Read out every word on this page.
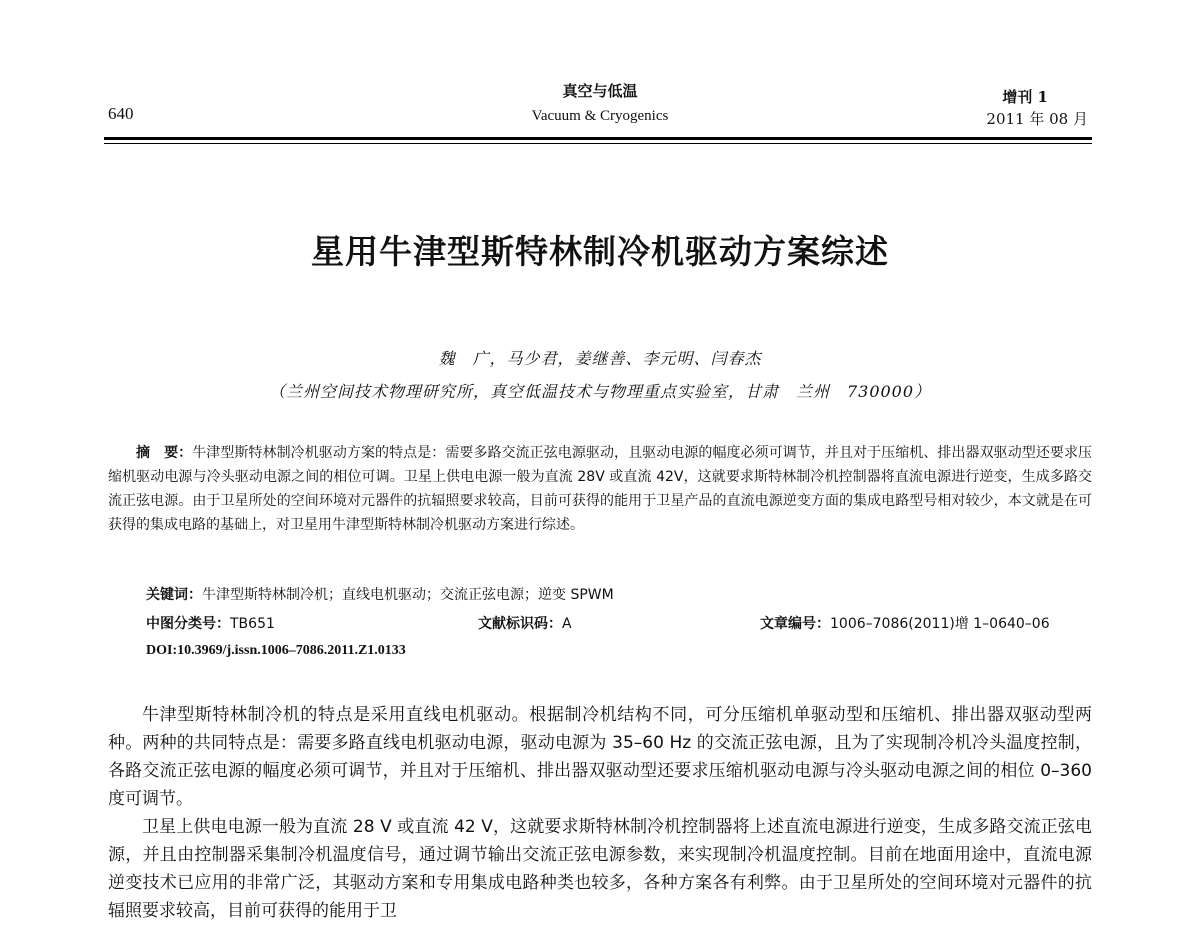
640
真空与低温
Vacuum & Cryogenics
增刊 1
2011 年 08 月
星用牛津型斯特林制冷机驱动方案综述
魏　广，马少君，姜继善、李元明、闫春杰
（兰州空间技术物理研究所，真空低温技术与物理重点实验室，甘肃　兰州　730000）

摘　要：牛津型斯特林制冷机驱动方案的特点是：需要多路交流正弦电源驱动，且驱动电源的幅度必须可调节，并且对于压缩机、排出器双驱动型还要求压缩机驱动电源与冷头驱动电源之间的相位可调。卫星上供电电源一般为直流 28V 或直流 42V，这就要求斯特林制冷机控制器将直流电源进行逆变，生成多路交流正弦电源。由于卫星所处的空间环境对元器件的抗辐照要求较高，目前可获得的能用于卫星产品的直流电源逆变方面的集成电路型号相对较少，本文就是在可获得的集成电路的基础上，对卫星用牛津型斯特林制冷机驱动方案进行综述。

关键词：牛津型斯特林制冷机；直线电机驱动；交流正弦电源；逆变 SPWM
中图分类号：TB651	文献标识码：A	文章编号：1006–7086(2011)增 1–0640–06
DOI:10.3969/j.issn.1006–7086.2011.Z1.0133

牛津型斯特林制冷机的特点是采用直线电机驱动。根据制冷机结构不同，可分压缩机单驱动型和压缩机、排出器双驱动型两种。两种的共同特点是：需要多路直线电机驱动电源，驱动电源为 35–60 Hz 的交流正弦电源，且为了实现制冷机冷头温度控制，各路交流正弦电源的幅度必须可调节，并且对于压缩机、排出器双驱动型还要求压缩机驱动电源与冷头驱动电源之间的相位 0–360 度可调节。

卫星上供电电源一般为直流 28 V 或直流 42 V，这就要求斯特林制冷机控制器将上述直流电源进行逆变，生成多路交流正弦电源，并且由控制器采集制冷机温度信号，通过调节输出交流正弦电源参数，来实现制冷机温度控制。目前在地面用途中，直流电源逆变技术已应用的非常广泛，其驱动方案和专用集成电路种类也较多，各种方案各有利弊。由于卫星所处的空间环境对元器件的抗辐照要求较高，目前可获得的能用于卫
